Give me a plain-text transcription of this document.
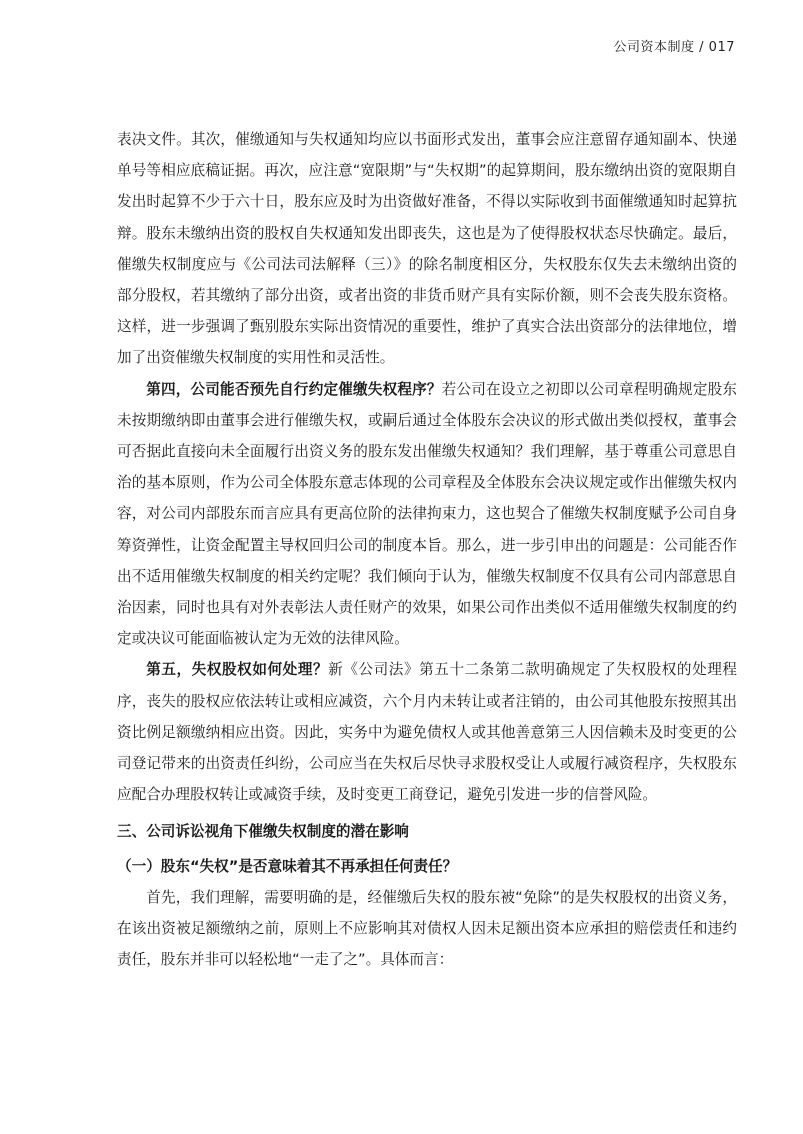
公司资本制度 / 017

表决文件。其次，催缴通知与失权通知均应以书面形式发出，董事会应注意留存通知副本、快递单号等相应底稿证据。再次，应注意“宽限期”与“失权期”的起算期间，股东缴纳出资的宽限期自发出时起算不少于六十日，股东应及时为出资做好准备，不得以实际收到书面催缴通知时起算抗辩。股东未缴纳出资的股权自失权通知发出即丧失，这也是为了使得股权状态尽快确定。最后，催缴失权制度应与《公司法司法解释（三）》的除名制度相区分，失权股东仅失去未缴纳出资的部分股权，若其缴纳了部分出资，或者出资的非货币财产具有实际价额，则不会丧失股东资格。这样，进一步强调了甄别股东实际出资情况的重要性，维护了真实合法出资部分的法律地位，增加了出资催缴失权制度的实用性和灵活性。

第四，公司能否预先自行约定催缴失权程序？若公司在设立之初即以公司章程明确规定股东未按期缴纳即由董事会进行催缴失权，或嗣后通过全体股东会决议的形式做出类似授权，董事会可否据此直接向未全面履行出资义务的股东发出催缴失权通知？我们理解，基于尊重公司意思自治的基本原则，作为公司全体股东意志体现的公司章程及全体股东会决议规定或作出催缴失权内容，对公司内部股东而言应具有更高位阶的法律拘束力，这也契合了催缴失权制度赋予公司自身筹资弹性，让资金配置主导权回归公司的制度本旨。那么，进一步引申出的问题是：公司能否作出不适用催缴失权制度的相关约定呢？我们倾向于认为，催缴失权制度不仅具有公司内部意思自治因素，同时也具有对外表彰法人责任财产的效果，如果公司作出类似不适用催缴失权制度的约定或决议可能面临被认定为无效的法律风险。

第五，失权股权如何处理？新《公司法》第五十二条第二款明确规定了失权股权的处理程序，丧失的股权应依法转让或相应减资，六个月内未转让或者注销的，由公司其他股东按照其出资比例足额缴纳相应出资。因此，实务中为避免债权人或其他善意第三人因信赖未及时变更的公司登记带来的出资责任纠纷，公司应当在失权后尽快寻求股权受让人或履行减资程序，失权股东应配合办理股权转让或减资手续，及时变更工商登记，避免引发进一步的信誉风险。

三、公司诉讼视角下催缴失权制度的潜在影响

（一）股东“失权”是否意味着其不再承担任何责任？

首先，我们理解，需要明确的是，经催缴后失权的股东被“免除”的是失权股权的出资义务，在该出资被足额缴纳之前，原则上不应影响其对债权人因未足额出资本应承担的赔偿责任和违约责任，股东并非可以轻松地“一走了之”。具体而言：
